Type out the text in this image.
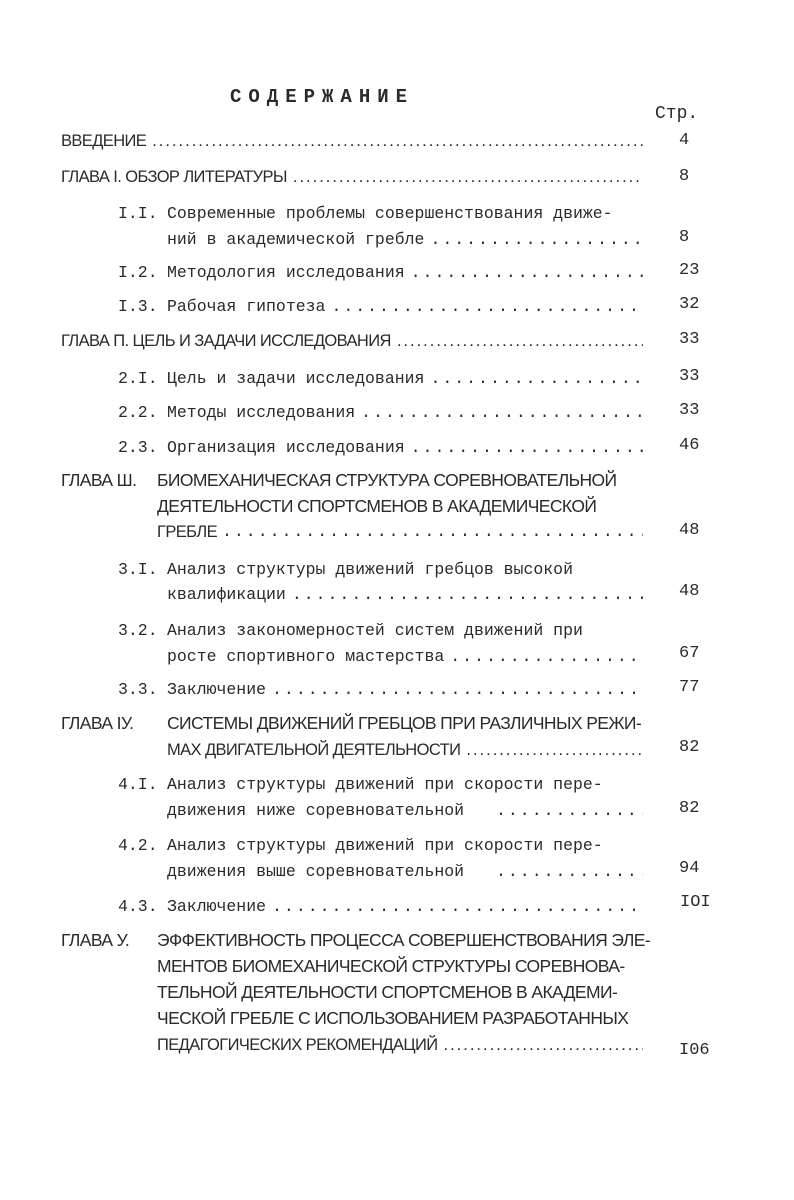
СОДЕРЖАНИЕ
Стр.
ВВЕДЕНИЕ .....	4
ГЛАВА I. ОБЗОР ЛИТЕРАТУРЫ .....	8
I.I. Современные проблемы совершенствования движе-
ний в академической гребле .....	8
I.2. Методология исследования .....	23
I.3. Рабочая гипотеза .....	32
ГЛАВА П. ЦЕЛЬ И ЗАДАЧИ ИССЛЕДОВАНИЯ .....	33
2.I. Цель и задачи исследования .....	33
2.2. Методы исследования .....	33
2.3. Организация исследования .....	46
ГЛАВА Ш. БИОМЕХАНИЧЕСКАЯ СТРУКТУРА СОРЕВНОВАТЕЛЬНОЙ
ДЕЯТЕЛЬНОСТИ СПОРТСМЕНОВ В АКАДЕМИЧЕСКОЙ
ГРЕБЛЕ .....	48
3.I. Анализ структуры движений гребцов высокой
квалификации .....	48
3.2. Анализ закономерностей систем движений при
росте спортивного мастерства .....	67
3.3. Заключение .....	77
ГЛАВА IУ. СИСТЕМЫ ДВИЖЕНИЙ ГРЕБЦОВ ПРИ РАЗЛИЧНЫХ РЕЖИ-
МАХ ДВИГАТЕЛЬНОЙ ДЕЯТЕЛЬНОСТИ .....	82
4.I. Анализ структуры движений при скорости пере-
движения ниже соревновательной .....	82
4.2. Анализ структуры движений при скорости пере-
движения выше соревновательной .....	94
4.3. Заключение .....	IOI
ГЛАВА У. ЭФФЕКТИВНОСТЬ ПРОЦЕССА СОВЕРШЕНСТВОВАНИЯ ЭЛЕ-
МЕНТОВ БИОМЕХАНИЧЕСКОЙ СТРУКТУРЫ СОРЕВНОВА-
ТЕЛЬНОЙ ДЕЯТЕЛЬНОСТИ СПОРТСМЕНОВ В АКАДЕМИ-
ЧЕСКОЙ ГРЕБЛЕ С ИСПОЛЬЗОВАНИЕМ РАЗРАБОТАННЫХ
ПЕДАГОГИЧЕСКИХ РЕКОМЕНДАЦИЙ .....	I06
